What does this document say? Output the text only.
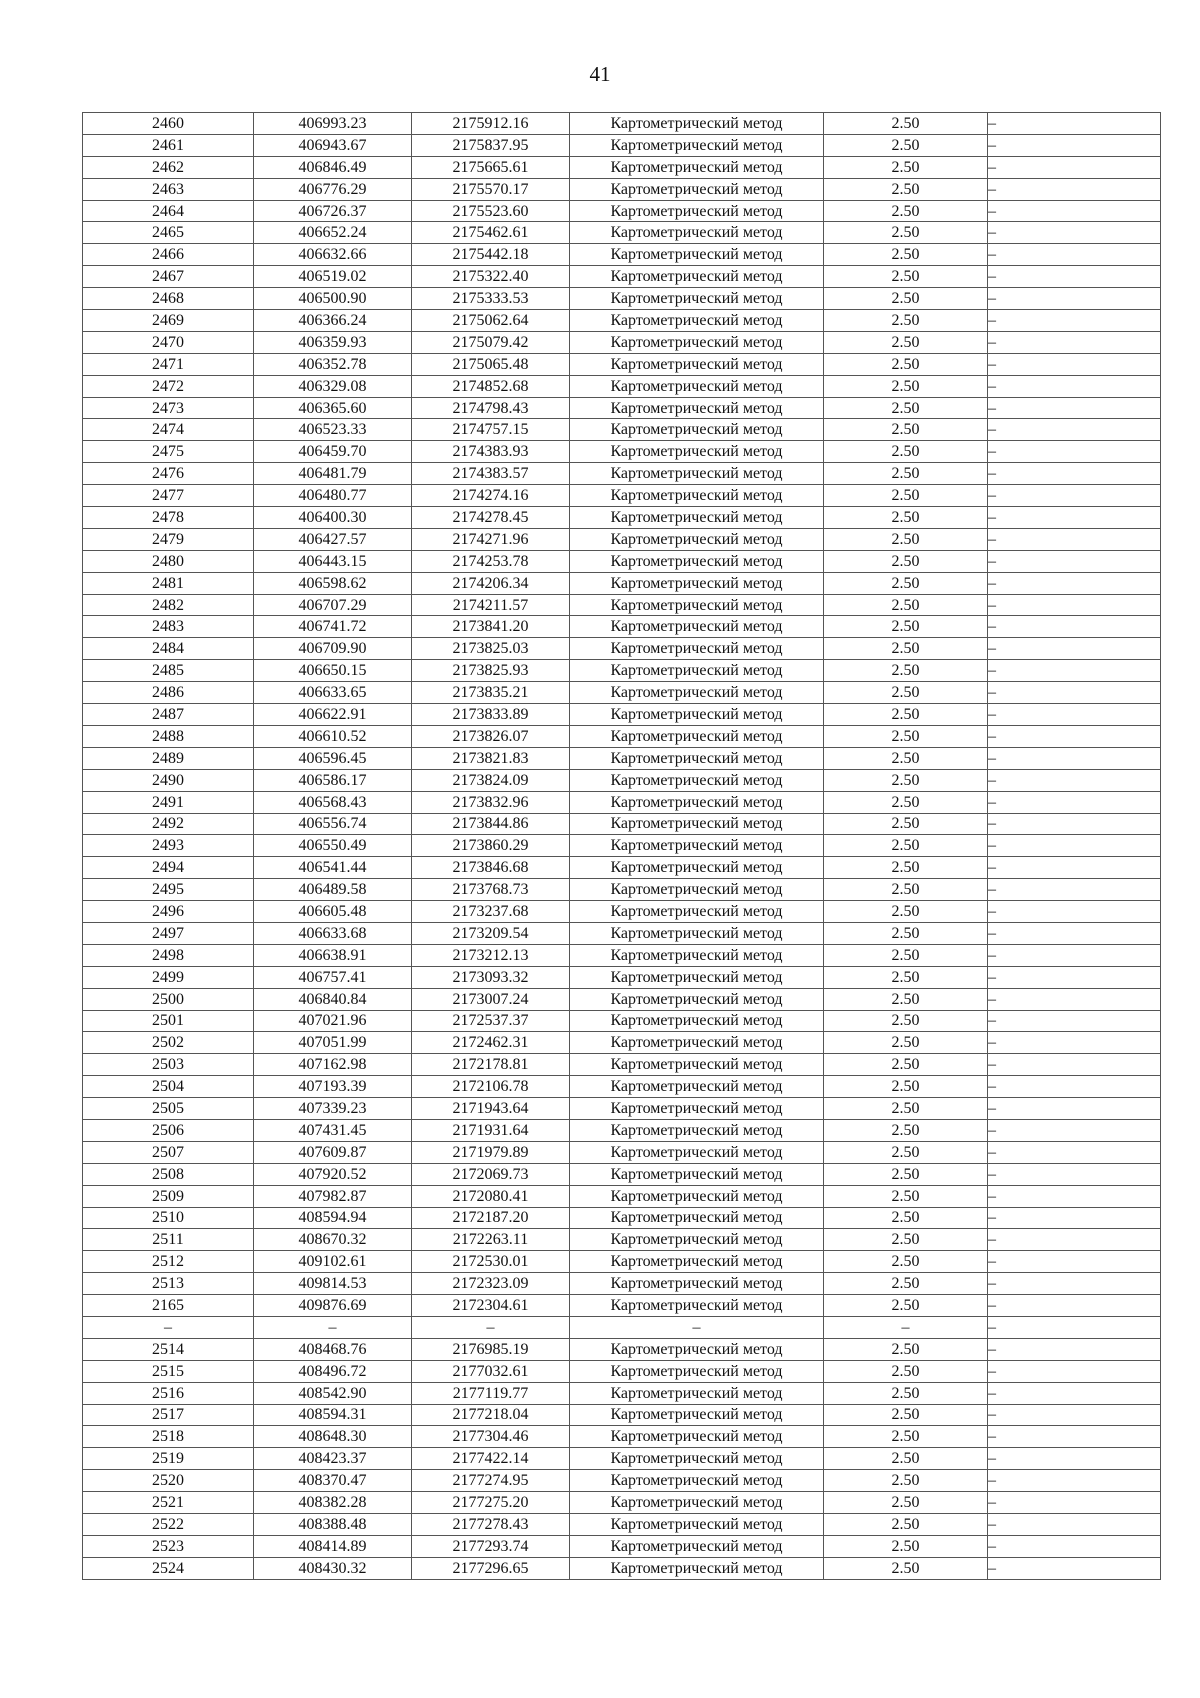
41
2460	406993.23	2175912.16	Картометрический метод	2.50	–
2461	406943.67	2175837.95	Картометрический метод	2.50	–
2462	406846.49	2175665.61	Картометрический метод	2.50	–
2463	406776.29	2175570.17	Картометрический метод	2.50	–
2464	406726.37	2175523.60	Картометрический метод	2.50	–
2465	406652.24	2175462.61	Картометрический метод	2.50	–
2466	406632.66	2175442.18	Картометрический метод	2.50	–
2467	406519.02	2175322.40	Картометрический метод	2.50	–
2468	406500.90	2175333.53	Картометрический метод	2.50	–
2469	406366.24	2175062.64	Картометрический метод	2.50	–
2470	406359.93	2175079.42	Картометрический метод	2.50	–
2471	406352.78	2175065.48	Картометрический метод	2.50	–
2472	406329.08	2174852.68	Картометрический метод	2.50	–
2473	406365.60	2174798.43	Картометрический метод	2.50	–
2474	406523.33	2174757.15	Картометрический метод	2.50	–
2475	406459.70	2174383.93	Картометрический метод	2.50	–
2476	406481.79	2174383.57	Картометрический метод	2.50	–
2477	406480.77	2174274.16	Картометрический метод	2.50	–
2478	406400.30	2174278.45	Картометрический метод	2.50	–
2479	406427.57	2174271.96	Картометрический метод	2.50	–
2480	406443.15	2174253.78	Картометрический метод	2.50	–
2481	406598.62	2174206.34	Картометрический метод	2.50	–
2482	406707.29	2174211.57	Картометрический метод	2.50	–
2483	406741.72	2173841.20	Картометрический метод	2.50	–
2484	406709.90	2173825.03	Картометрический метод	2.50	–
2485	406650.15	2173825.93	Картометрический метод	2.50	–
2486	406633.65	2173835.21	Картометрический метод	2.50	–
2487	406622.91	2173833.89	Картометрический метод	2.50	–
2488	406610.52	2173826.07	Картометрический метод	2.50	–
2489	406596.45	2173821.83	Картометрический метод	2.50	–
2490	406586.17	2173824.09	Картометрический метод	2.50	–
2491	406568.43	2173832.96	Картометрический метод	2.50	–
2492	406556.74	2173844.86	Картометрический метод	2.50	–
2493	406550.49	2173860.29	Картометрический метод	2.50	–
2494	406541.44	2173846.68	Картометрический метод	2.50	–
2495	406489.58	2173768.73	Картометрический метод	2.50	–
2496	406605.48	2173237.68	Картометрический метод	2.50	–
2497	406633.68	2173209.54	Картометрический метод	2.50	–
2498	406638.91	2173212.13	Картометрический метод	2.50	–
2499	406757.41	2173093.32	Картометрический метод	2.50	–
2500	406840.84	2173007.24	Картометрический метод	2.50	–
2501	407021.96	2172537.37	Картометрический метод	2.50	–
2502	407051.99	2172462.31	Картометрический метод	2.50	–
2503	407162.98	2172178.81	Картометрический метод	2.50	–
2504	407193.39	2172106.78	Картометрический метод	2.50	–
2505	407339.23	2171943.64	Картометрический метод	2.50	–
2506	407431.45	2171931.64	Картометрический метод	2.50	–
2507	407609.87	2171979.89	Картометрический метод	2.50	–
2508	407920.52	2172069.73	Картометрический метод	2.50	–
2509	407982.87	2172080.41	Картометрический метод	2.50	–
2510	408594.94	2172187.20	Картометрический метод	2.50	–
2511	408670.32	2172263.11	Картометрический метод	2.50	–
2512	409102.61	2172530.01	Картометрический метод	2.50	–
2513	409814.53	2172323.09	Картометрический метод	2.50	–
2165	409876.69	2172304.61	Картометрический метод	2.50	–
–	–	–	–	–	–
2514	408468.76	2176985.19	Картометрический метод	2.50	–
2515	408496.72	2177032.61	Картометрический метод	2.50	–
2516	408542.90	2177119.77	Картометрический метод	2.50	–
2517	408594.31	2177218.04	Картометрический метод	2.50	–
2518	408648.30	2177304.46	Картометрический метод	2.50	–
2519	408423.37	2177422.14	Картометрический метод	2.50	–
2520	408370.47	2177274.95	Картометрический метод	2.50	–
2521	408382.28	2177275.20	Картометрический метод	2.50	–
2522	408388.48	2177278.43	Картометрический метод	2.50	–
2523	408414.89	2177293.74	Картометрический метод	2.50	–
2524	408430.32	2177296.65	Картометрический метод	2.50	–
